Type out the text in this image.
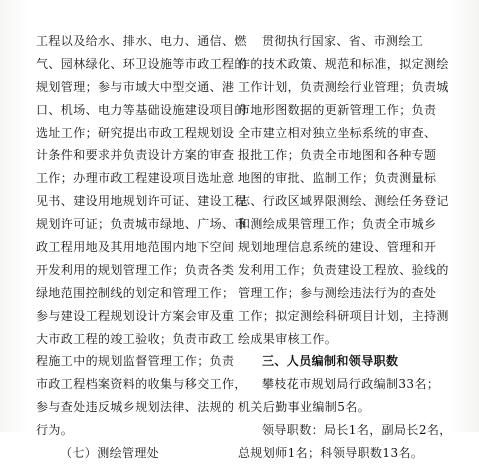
工程以及给水、排水、电力、通信、燃
气、园林绿化、环卫设施等市政工程的
规划管理；参与市域大中型交通、港
口、机场、电力等基础设施建设项目的
选址工作；研究提出市政工程规划设
计条件和要求并负责设计方案的审查
工作；办理市政工程建设项目选址意
见书、建设用地规划许可证、建设工程
规划许可证；负责城市绿地、广场、市
政工程用地及其用地范围内地下空间
开发利用的规划管理工作；负责各类
绿地范围控制线的划定和管理工作；
参与建设工程规划设计方案会审及重
大市政工程的竣工验收；负责市政工
程施工中的规划监督管理工作；负责
市政工程档案资料的收集与移交工作，
参与查处违反城乡规划法律、法规的
行为。
（七）测绘管理处
贯彻执行国家、省、市测绘工
作的技术政策、规范和标准，拟定测绘
工作计划，负责测绘行业管理；负责城
市地形图数据的更新管理工作；负责
全市建立相对独立坐标系统的审查、
报批工作；负责全市地图和各种专题
地图的审批、监制工作；负责测量标
志、行政区域界限测绘、测绘任务登记
和测绘成果管理工作；负责全市城乡
规划地理信息系统的建设、管理和开
发利用工作；负责建设工程放、验线的
管理工作；参与测绘违法行为的查处
工作；拟定测绘科研项目计划，主持测
绘成果审核工作。
三、人员编制和领导职数
攀枝花市规划局行政编制33名；
机关后勤事业编制5名。
领导职数：局长1名，副局长2名，
总规划师1名；科领导职数13名。
